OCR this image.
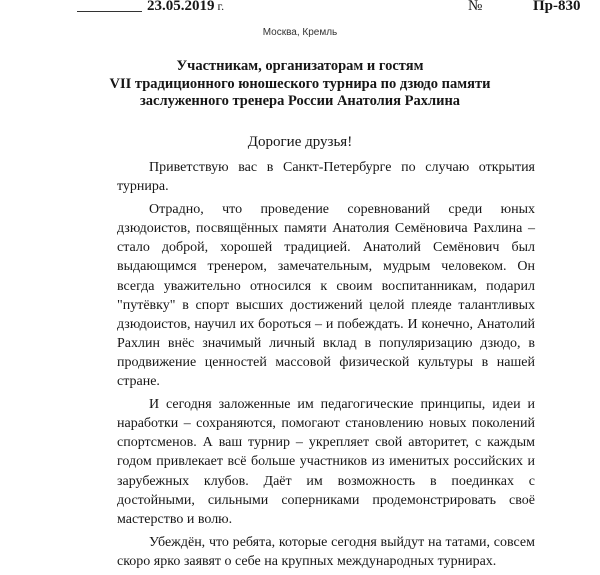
23.05.2019 г.	№	Пр-830
Москва, Кремль
Участникам, организаторам и гостям
VII традиционного юношеского турнира по дзюдо памяти
заслуженного тренера России Анатолия Рахлина
Дорогие друзья!

Приветствую вас в Санкт-Петербурге по случаю открытия турнира.

Отрадно, что проведение соревнований среди юных дзюдоистов, посвящённых памяти Анатолия Семёновича Рахлина – стало доброй, хорошей традицией. Анатолий Семёнович был выдающимся тренером, замечательным, мудрым человеком. Он всегда уважительно относился к своим воспитанникам, подарил "путёвку" в спорт высших достижений целой плеяде талантливых дзюдоистов, научил их бороться – и побеждать. И конечно, Анатолий Рахлин внёс значимый личный вклад в популяризацию дзюдо, в продвижение ценностей массовой физической культуры в нашей стране.

И сегодня заложенные им педагогические принципы, идеи и наработки – сохраняются, помогают становлению новых поколений спортсменов. А ваш турнир – укрепляет свой авторитет, с каждым годом привлекает всё больше участников из именитых российских и зарубежных клубов. Даёт им возможность в поединках с достойными, сильными соперниками продемонстрировать своё мастерство и волю.

Убеждён, что ребята, которые сегодня выйдут на татами, совсем скоро ярко заявят о себе на крупных международных турнирах.
